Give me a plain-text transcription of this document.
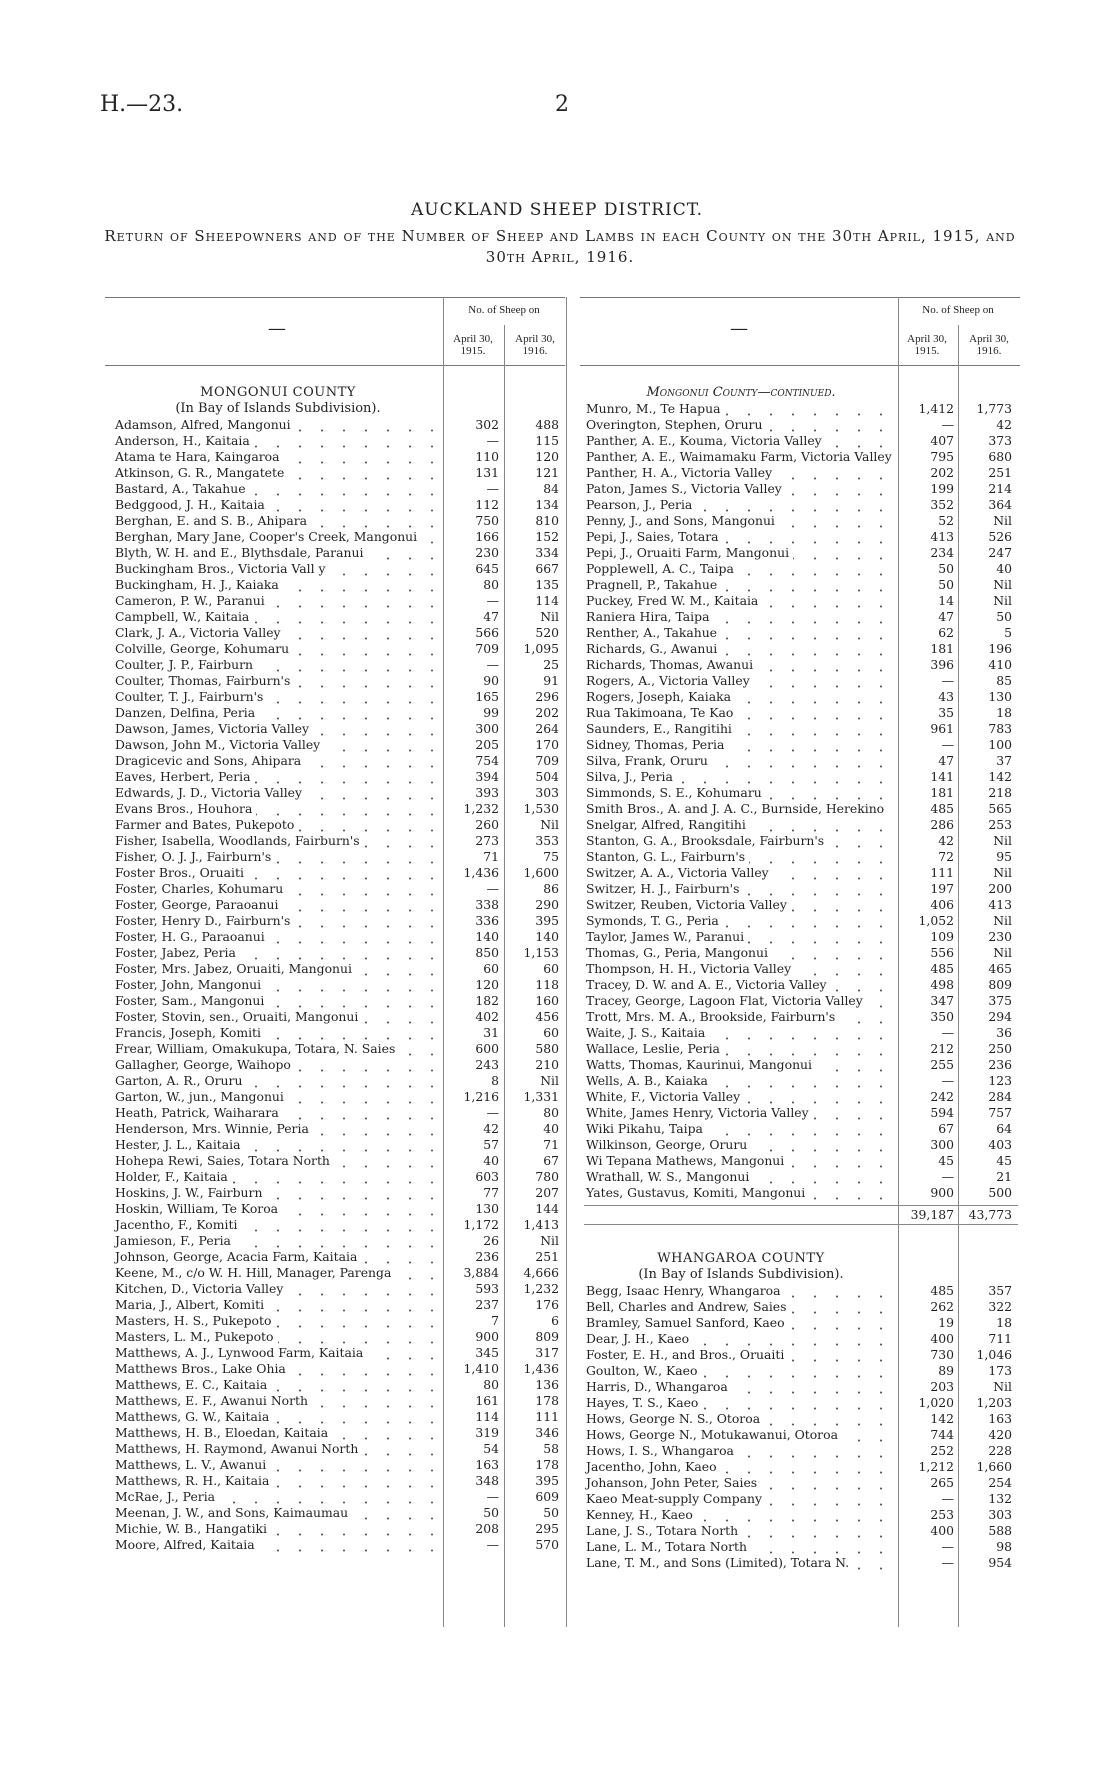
H.—23.	2
AUCKLAND SHEEP DISTRICT.
Return of Sheepowners and of the Number of Sheep and Lambs in each County on the 30th April, 1915, and 30th April, 1916.
—
No. of Sheep on
April 30, 1915.
April 30, 1916.
—
No. of Sheep on
April 30, 1915.
April 30, 1916.
MONGONUI COUNTY
(In Bay of Islands Subdivision).
Adamson, Alfred, Mangonui	302	488
Anderson, H., Kaitaia	—	115
Atama te Hara, Kaingaroa	110	120
Atkinson, G. R., Mangatete	131	121
Bastard, A., Takahue	—	84
Bedggood, J. H., Kaitaia	112	134
Berghan, E. and S. B., Ahipara	750	810
Berghan, Mary Jane, Cooper's Creek, Mangonui	166	152
Blyth, W. H. and E., Blythsdale, Paranui	230	334
Buckingham Bros., Victoria Vall y	645	667
Buckingham, H. J., Kaiaka	80	135
Cameron, P. W., Paranui	—	114
Campbell, W., Kaitaia	47	Nil
Clark, J. A., Victoria Valley	566	520
Colville, George, Kohumaru	709	1,095
Coulter, J. P., Fairburn	—	25
Coulter, Thomas, Fairburn's	90	91
Coulter, T. J., Fairburn's	165	296
Danzen, Delfina, Peria	99	202
Dawson, James, Victoria Valley	300	264
Dawson, John M., Victoria Valley	205	170
Dragicevic and Sons, Ahipara	754	709
Eaves, Herbert, Peria	394	504
Edwards, J. D., Victoria Valley	393	303
Evans Bros., Houhora	1,232	1,530
Farmer and Bates, Pukepoto	260	Nil
Fisher, Isabella, Woodlands, Fairburn's	273	353
Fisher, O. J. J., Fairburn's	71	75
Foster Bros., Oruaiti	1,436	1,600
Foster, Charles, Kohumaru	—	86
Foster, George, Paraoanui	338	290
Foster, Henry D., Fairburn's	336	395
Foster, H. G., Paraoanui	140	140
Foster, Jabez, Peria	850	1,153
Foster, Mrs. Jabez, Oruaiti, Mangonui	60	60
Foster, John, Mangonui	120	118
Foster, Sam., Mangonui	182	160
Foster, Stovin, sen., Oruaiti, Mangonui	402	456
Francis, Joseph, Komiti	31	60
Frear, William, Omakukupa, Totara, N. Saies	600	580
Gallagher, George, Waihopo	243	210
Garton, A. R., Oruru	8	Nil
Garton, W., jun., Mangonui	1,216	1,331
Heath, Patrick, Waiharara	—	80
Henderson, Mrs. Winnie, Peria	42	40
Hester, J. L., Kaitaia	57	71
Hohepa Rewi, Saies, Totara North	40	67
Holder, F., Kaitaia	603	780
Hoskins, J. W., Fairburn	77	207
Hoskin, William, Te Koroa	130	144
Jacentho, F., Komiti	1,172	1,413
Jamieson, F., Peria	26	Nil
Johnson, George, Acacia Farm, Kaitaia	236	251
Keene, M., c/o W. H. Hill, Manager, Parenga	3,884	4,666
Kitchen, D., Victoria Valley	593	1,232
Maria, J., Albert, Komiti	237	176
Masters, H. S., Pukepoto	7	6
Masters, L. M., Pukepoto	900	809
Matthews, A. J., Lynwood Farm, Kaitaia	345	317
Matthews Bros., Lake Ohia	1,410	1,436
Matthews, E. C., Kaitaia	80	136
Matthews, E. F., Awanui North	161	178
Matthews, G. W., Kaitaia	114	111
Matthews, H. B., Eloedan, Kaitaia	319	346
Matthews, H. Raymond, Awanui North	54	58
Matthews, L. V., Awanui	163	178
Matthews, R. H., Kaitaia	348	395
McRae, J., Peria	—	609
Meenan, J. W., and Sons, Kaimaumau	50	50
Michie, W. B., Hangatiki	208	295
Moore, Alfred, Kaitaia	—	570
Mongonui County—continued.
Munro, M., Te Hapua	1,412	1,773
Overington, Stephen, Oruru	—	42
Panther, A. E., Kouma, Victoria Valley	407	373
Panther, A. E., Waimamaku Farm, Victoria Valley	795	680
Panther, H. A., Victoria Valley	202	251
Paton, James S., Victoria Valley	199	214
Pearson, J., Peria	352	364
Penny, J., and Sons, Mangonui	52	Nil
Pepi, J., Saies, Totara	413	526
Pepi, J., Oruaiti Farm, Mangonui	234	247
Popplewell, A. C., Taipa	50	40
Pragnell, P., Takahue	50	Nil
Puckey, Fred W. M., Kaitaia	14	Nil
Raniera Hira, Taipa	47	50
Renther, A., Takahue	62	5
Richards, G., Awanui	181	196
Richards, Thomas, Awanui	396	410
Rogers, A., Victoria Valley	—	85
Rogers, Joseph, Kaiaka	43	130
Rua Takimoana, Te Kao	35	18
Saunders, E., Rangitihi	961	783
Sidney, Thomas, Peria	—	100
Silva, Frank, Oruru	47	37
Silva, J., Peria	141	142
Simmonds, S. E., Kohumaru	181	218
Smith Bros., A. and J. A. C., Burnside, Herekino	485	565
Snelgar, Alfred, Rangitihi	286	253
Stanton, G. A., Brooksdale, Fairburn's	42	Nil
Stanton, G. L., Fairburn's	72	95
Switzer, A. A., Victoria Valley	111	Nil
Switzer, H. J., Fairburn's	197	200
Switzer, Reuben, Victoria Valley	406	413
Symonds, T. G., Peria	1,052	Nil
Taylor, James W., Paranui	109	230
Thomas, G., Peria, Mangonui	556	Nil
Thompson, H. H., Victoria Valley	485	465
Tracey, D. W. and A. E., Victoria Valley	498	809
Tracey, George, Lagoon Flat, Victoria Valley	347	375
Trott, Mrs. M. A., Brookside, Fairburn's	350	294
Waite, J. S., Kaitaia	—	36
Wallace, Leslie, Peria	212	250
Watts, Thomas, Kaurinui, Mangonui	255	236
Wells, A. B., Kaiaka	—	123
White, F., Victoria Valley	242	284
White, James Henry, Victoria Valley	594	757
Wiki Pikahu, Taipa	67	64
Wilkinson, George, Oruru	300	403
Wi Tepana Mathews, Mangonui	45	45
Wrathall, W. S., Mangonui	—	21
Yates, Gustavus, Komiti, Mangonui	900	500
39,187	43,773
WHANGAROA COUNTY
(In Bay of Islands Subdivision).
Begg, Isaac Henry, Whangaroa	485	357
Bell, Charles and Andrew, Saies	262	322
Bramley, Samuel Sanford, Kaeo	19	18
Dear, J. H., Kaeo	400	711
Foster, E. H., and Bros., Oruaiti	730	1,046
Goulton, W., Kaeo	89	173
Harris, D., Whangaroa	203	Nil
Hayes, T. S., Kaeo	1,020	1,203
Hows, George N. S., Otoroa	142	163
Hows, George N., Motukawanui, Otoroa	744	420
Hows, I. S., Whangaroa	252	228
Jacentho, John, Kaeo	1,212	1,660
Johanson, John Peter, Saies	265	254
Kaeo Meat-supply Company	—	132
Kenney, H., Kaeo	253	303
Lane, J. S., Totara North	400	588
Lane, L. M., Totara North	—	98
Lane, T. M., and Sons (Limited), Totara N.	—	954
